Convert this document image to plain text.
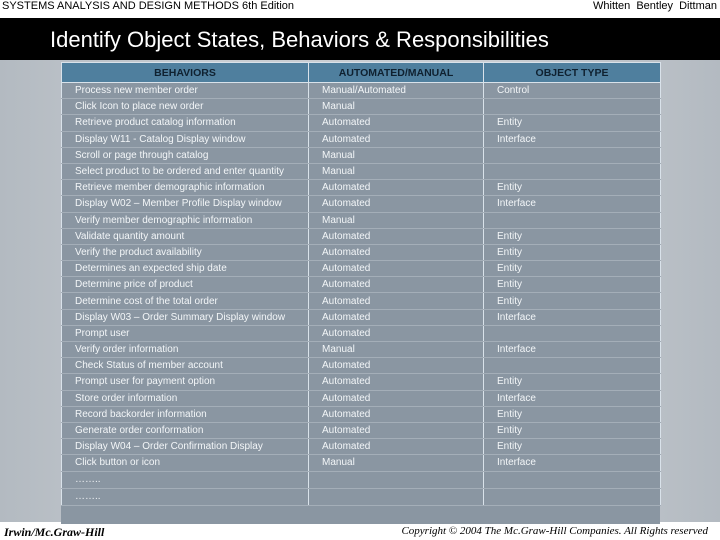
SYSTEMS ANALYSIS AND DESIGN METHODS 6th Edition	Whitten Bentley Dittman
Identify Object States, Behaviors & Responsibilities
BEHAVIORS	AUTOMATED/MANUAL	OBJECT TYPE
Process new member order	Manual/Automated	Control
Click Icon to place new order	Manual	
Retrieve product catalog information	Automated	Entity
Display W11 - Catalog Display window	Automated	Interface
Scroll or page through catalog	Manual	
Select product to be ordered and enter quantity	Manual	
Retrieve member demographic information	Automated	Entity
Display W02 – Member Profile Display window	Automated	Interface
Verify member demographic information	Manual	
Validate quantity amount	Automated	Entity
Verify the product availability	Automated	Entity
Determines an expected ship date	Automated	Entity
Determine price of product	Automated	Entity
Determine cost of the total order	Automated	Entity
Display W03 – Order Summary Display window	Automated	Interface
Prompt user	Automated	
Verify order information	Manual	Interface
Check Status of member account	Automated	
Prompt user for payment option	Automated	Entity
Store order information	Automated	Interface
Record backorder information	Automated	Entity
Generate order conformation	Automated	Entity
Display W04 – Order Confirmation Display	Automated	Entity
Click button or icon	Manual	Interface
……..		
……..		
Irwin/Mc.Graw-Hill	Copyright © 2004 The Mc.Graw-Hill Companies. All Rights reserved
